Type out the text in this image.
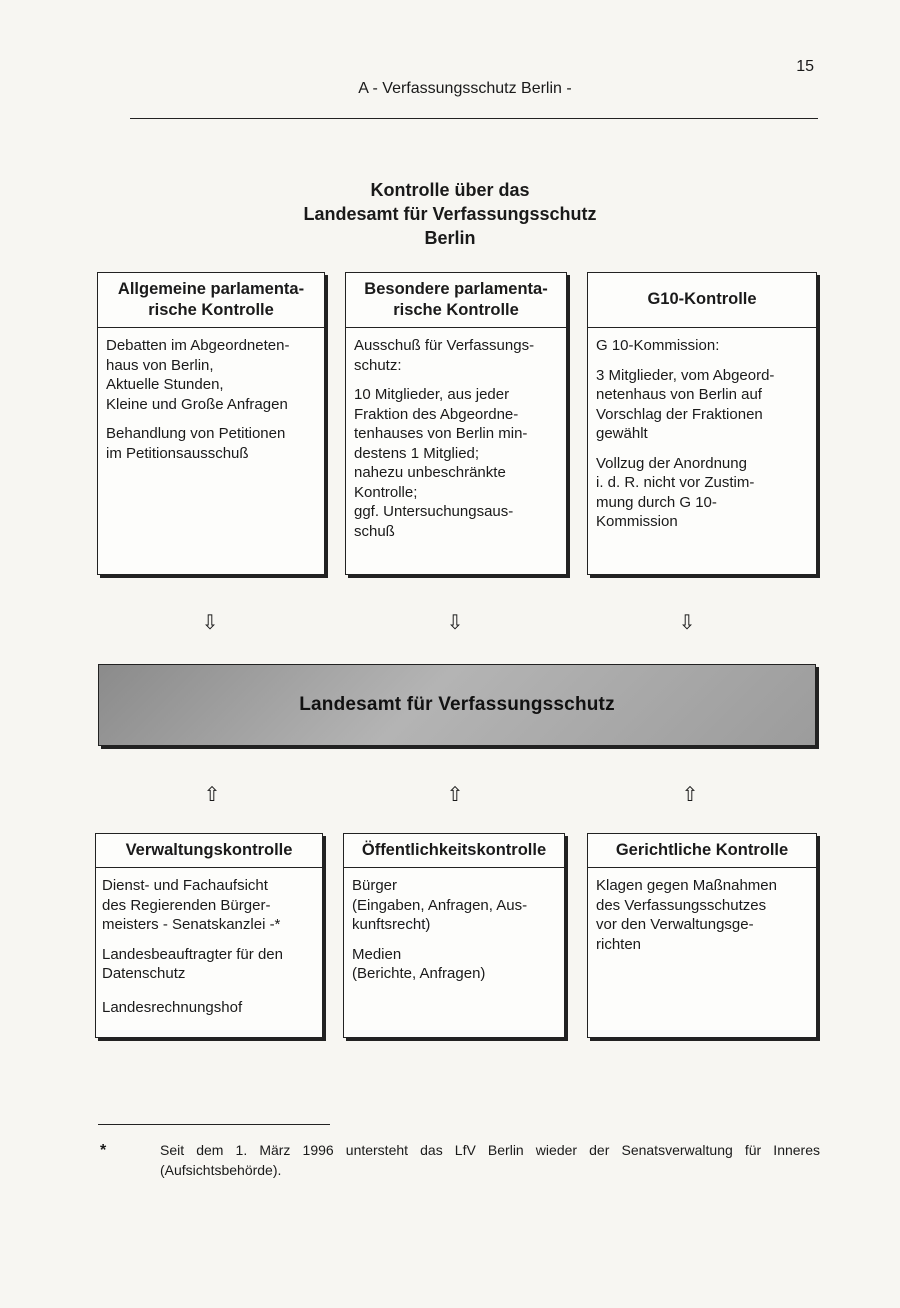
15
A - Verfassungsschutz Berlin -
Kontrolle über das
Landesamt für Verfassungsschutz
Berlin
Allgemeine parlamenta-
rische Kontrolle

Debatten im Abgeordneten-
haus von Berlin,
Aktuelle Stunden,
Kleine und Große Anfragen

Behandlung von Petitionen
im Petitionsausschuß

Besondere parlamenta-
rische Kontrolle

Ausschuß für Verfassungs-
schutz:

10 Mitglieder, aus jeder
Fraktion des Abgeordne-
tenhauses von Berlin min-
destens 1 Mitglied;
nahezu unbeschränkte
Kontrolle;
ggf. Untersuchungsaus-
schuß

G10-Kontrolle

G 10-Kommission:

3 Mitglieder, vom Abgeord-
netenhaus von Berlin auf
Vorschlag der Fraktionen
gewählt

Vollzug der Anordnung
i. d. R. nicht vor Zustim-
mung durch G 10-
Kommission

⇩	⇩	⇩
Landesamt für Verfassungsschutz
⇧	⇧	⇧
Verwaltungskontrolle

Dienst- und Fachaufsicht
des Regierenden Bürger-
meisters - Senatskanzlei -*

Landesbeauftragter für den
Datenschutz

Landesrechnungshof

Öffentlichkeitskontrolle

Bürger
(Eingaben, Anfragen, Aus-
kunftsrecht)

Medien
(Berichte, Anfragen)

Gerichtliche Kontrolle

Klagen gegen Maßnahmen
des Verfassungsschutzes
vor den Verwaltungsge-
richten

*	Seit dem 1. März 1996 untersteht das LfV Berlin wieder der Senatsverwaltung für Inneres (Aufsichtsbehörde).
